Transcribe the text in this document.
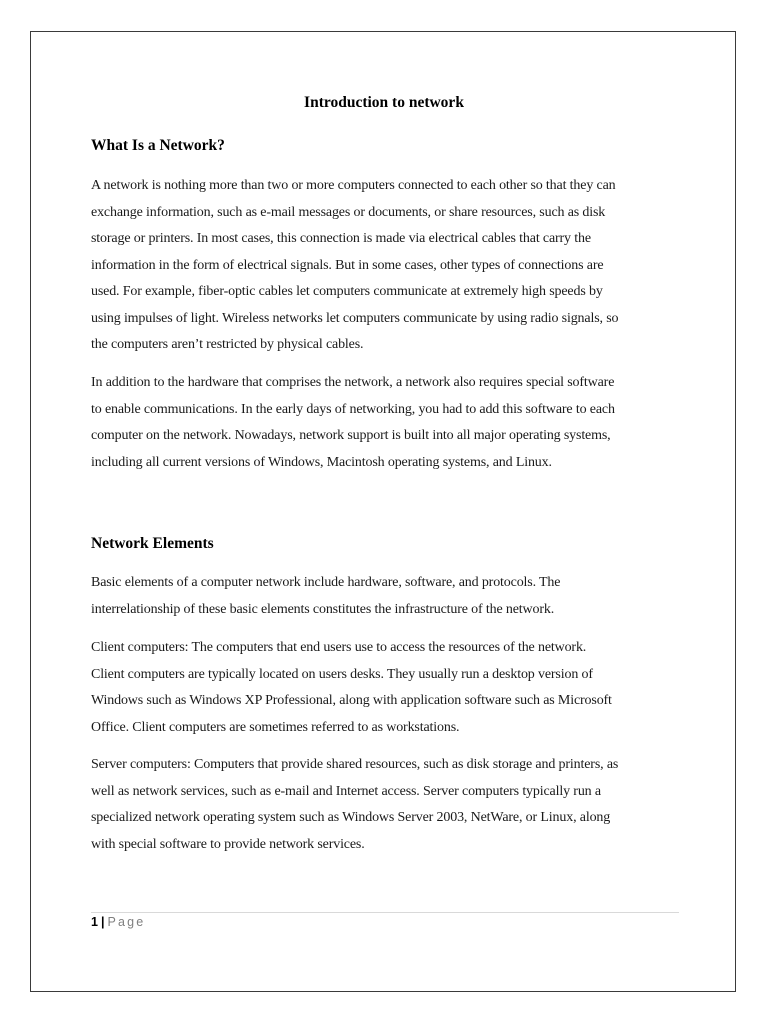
Introduction to network
What Is a Network?

A network is nothing more than two or more computers connected to each other so that they can
exchange information, such as e-mail messages or documents, or share resources, such as disk
storage or printers. In most cases, this connection is made via electrical cables that carry the
information in the form of electrical signals. But in some cases, other types of connections are
used. For example, fiber-optic cables let computers communicate at extremely high speeds by
using impulses of light. Wireless networks let computers communicate by using radio signals, so
the computers aren’t restricted by physical cables.

In addition to the hardware that comprises the network, a network also requires special software
to enable communications. In the early days of networking, you had to add this software to each
computer on the network. Nowadays, network support is built into all major operating systems,
including all current versions of Windows, Macintosh operating systems, and Linux.

Network Elements

Basic elements of a computer network include hardware, software, and protocols. The
interrelationship of these basic elements constitutes the infrastructure of the network.

Client computers: The computers that end users use to access the resources of the network.
Client computers are typically located on users desks. They usually run a desktop version of
Windows such as Windows XP Professional, along with application software such as Microsoft
Office. Client computers are sometimes referred to as workstations.

Server computers: Computers that provide shared resources, such as disk storage and printers, as
well as network services, such as e-mail and Internet access. Server computers typically run a
specialized network operating system such as Windows Server 2003, NetWare, or Linux, along
with special software to provide network services.

1 | Page
